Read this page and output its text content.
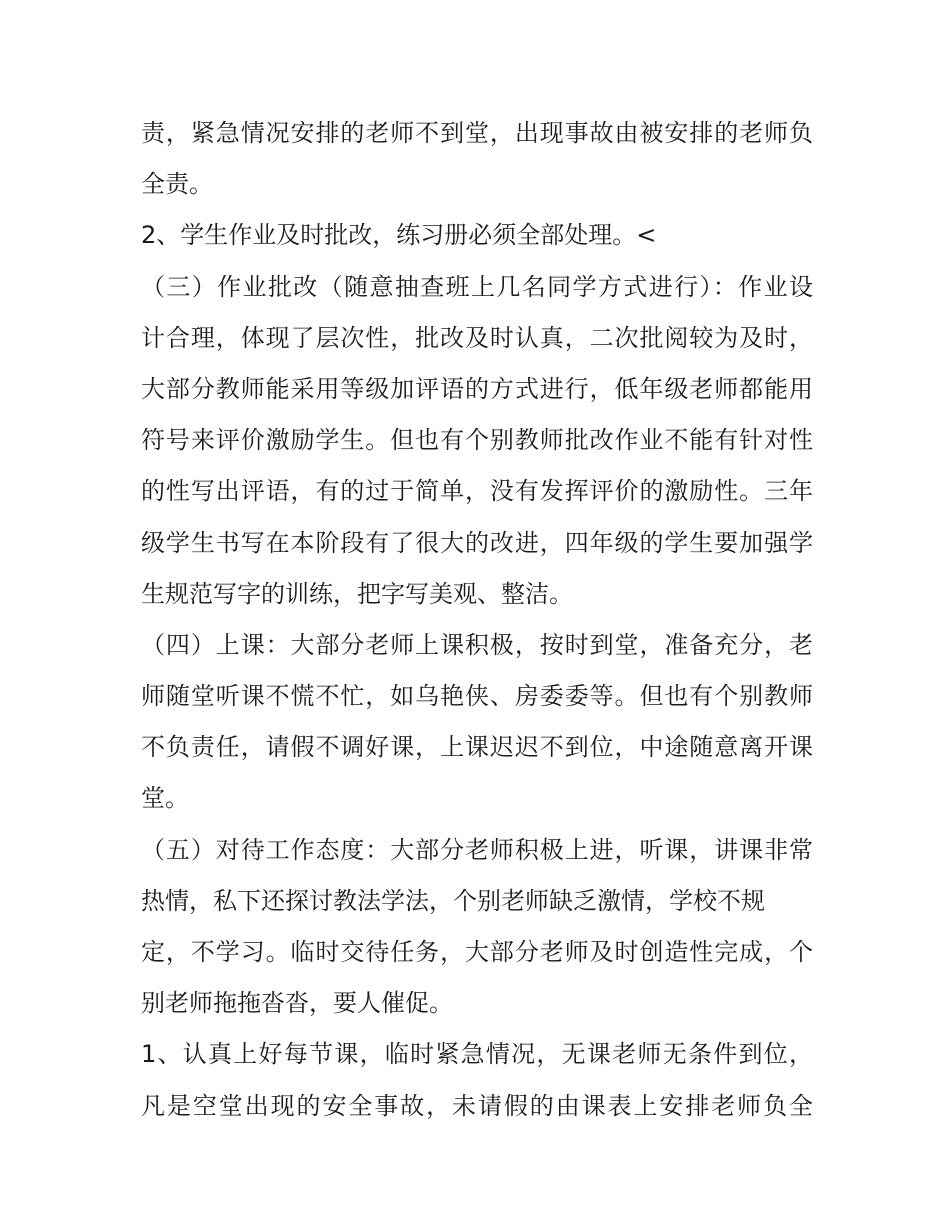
责，紧急情况安排的老师不到堂，出现事故由被安排的老师负
全责。
2、学生作业及时批改，练习册必须全部处理。<
（三）作业批改（随意抽查班上几名同学方式进行）：作业设
计合理，体现了层次性，批改及时认真，二次批阅较为及时，
大部分教师能采用等级加评语的方式进行，低年级老师都能用
符号来评价激励学生。但也有个别教师批改作业不能有针对性
的性写出评语，有的过于简单，没有发挥评价的激励性。三年
级学生书写在本阶段有了很大的改进，四年级的学生要加强学
生规范写字的训练，把字写美观、整洁。
（四）上课：大部分老师上课积极，按时到堂，准备充分，老
师随堂听课不慌不忙，如乌艳侠、房委委等。但也有个别教师
不负责任，请假不调好课，上课迟迟不到位，中途随意离开课
堂。
（五）对待工作态度：大部分老师积极上进，听课，讲课非常
热情，私下还探讨教法学法，个别老师缺乏激情，学校不规
定，不学习。临时交待任务，大部分老师及时创造性完成，个
别老师拖拖沓沓，要人催促。
1、认真上好每节课，临时紧急情况，无课老师无条件到位，
凡是空堂出现的安全事故，未请假的由课表上安排老师负全
